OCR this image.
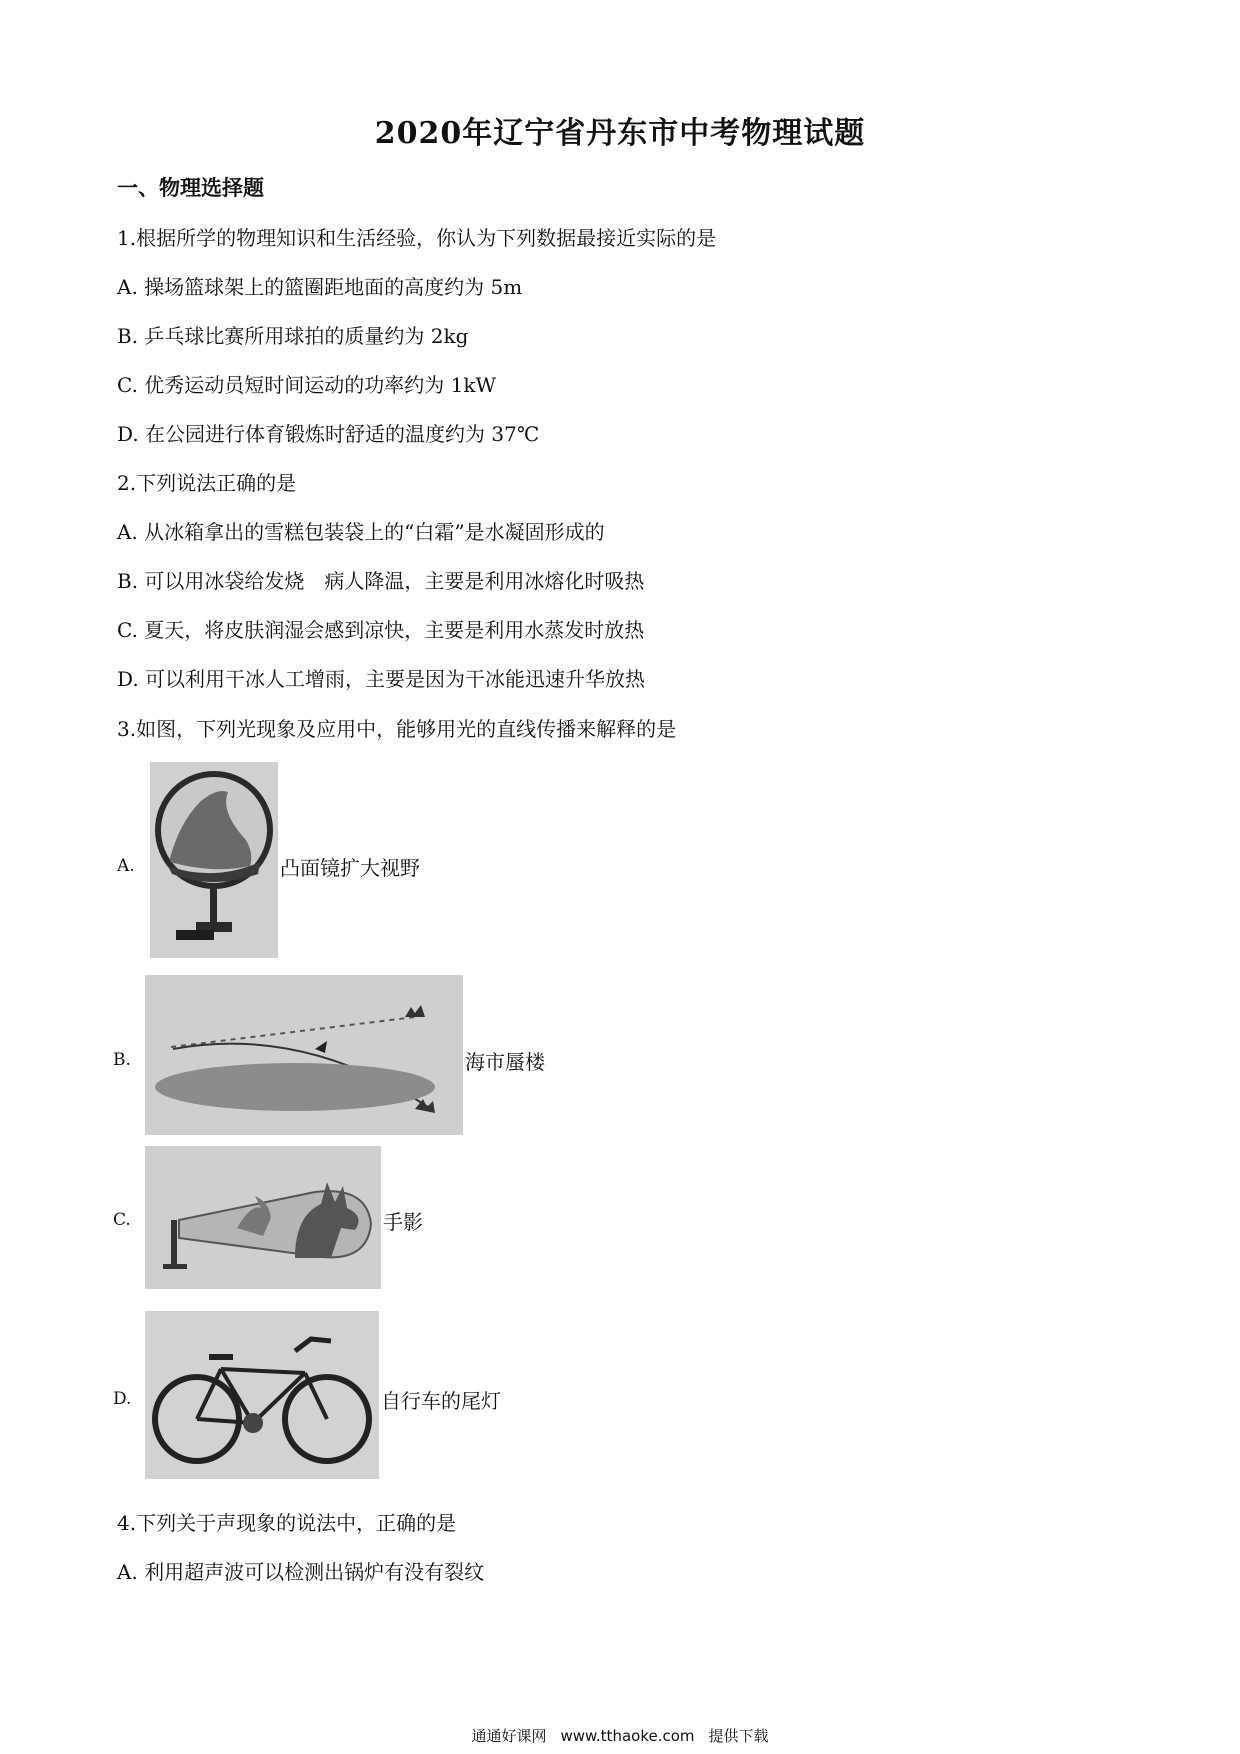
2020年辽宁省丹东市中考物理试题
一、物理选择题
1.根据所学的物理知识和生活经验，你认为下列数据最接近实际的是
A. 操场篮球架上的篮圈距地面的高度约为 5m
B. 乒乓球比赛所用球拍的质量约为 2kg
C. 优秀运动员短时间运动的功率约为 1kW
D. 在公园进行体育锻炼时舒适的温度约为 37℃
2.下列说法正确的是
A. 从冰箱拿出的雪糕包装袋上的“白霜”是水凝固形成的
B. 可以用冰袋给发烧　病人降温，主要是利用冰熔化时吸热
C. 夏天，将皮肤润湿会感到凉快，主要是利用水蒸发时放热
D. 可以利用干冰人工增雨，主要是因为干冰能迅速升华放热
3.如图，下列光现象及应用中，能够用光的直线传播来解释的是
A.	凸面镜扩大视野
B.	海市蜃楼
C.	手影
D.	自行车的尾灯
4.下列关于声现象的说法中，正确的是
A. 利用超声波可以检测出锅炉有没有裂纹
通通好课网 www.tthaoke.com 提供下载
